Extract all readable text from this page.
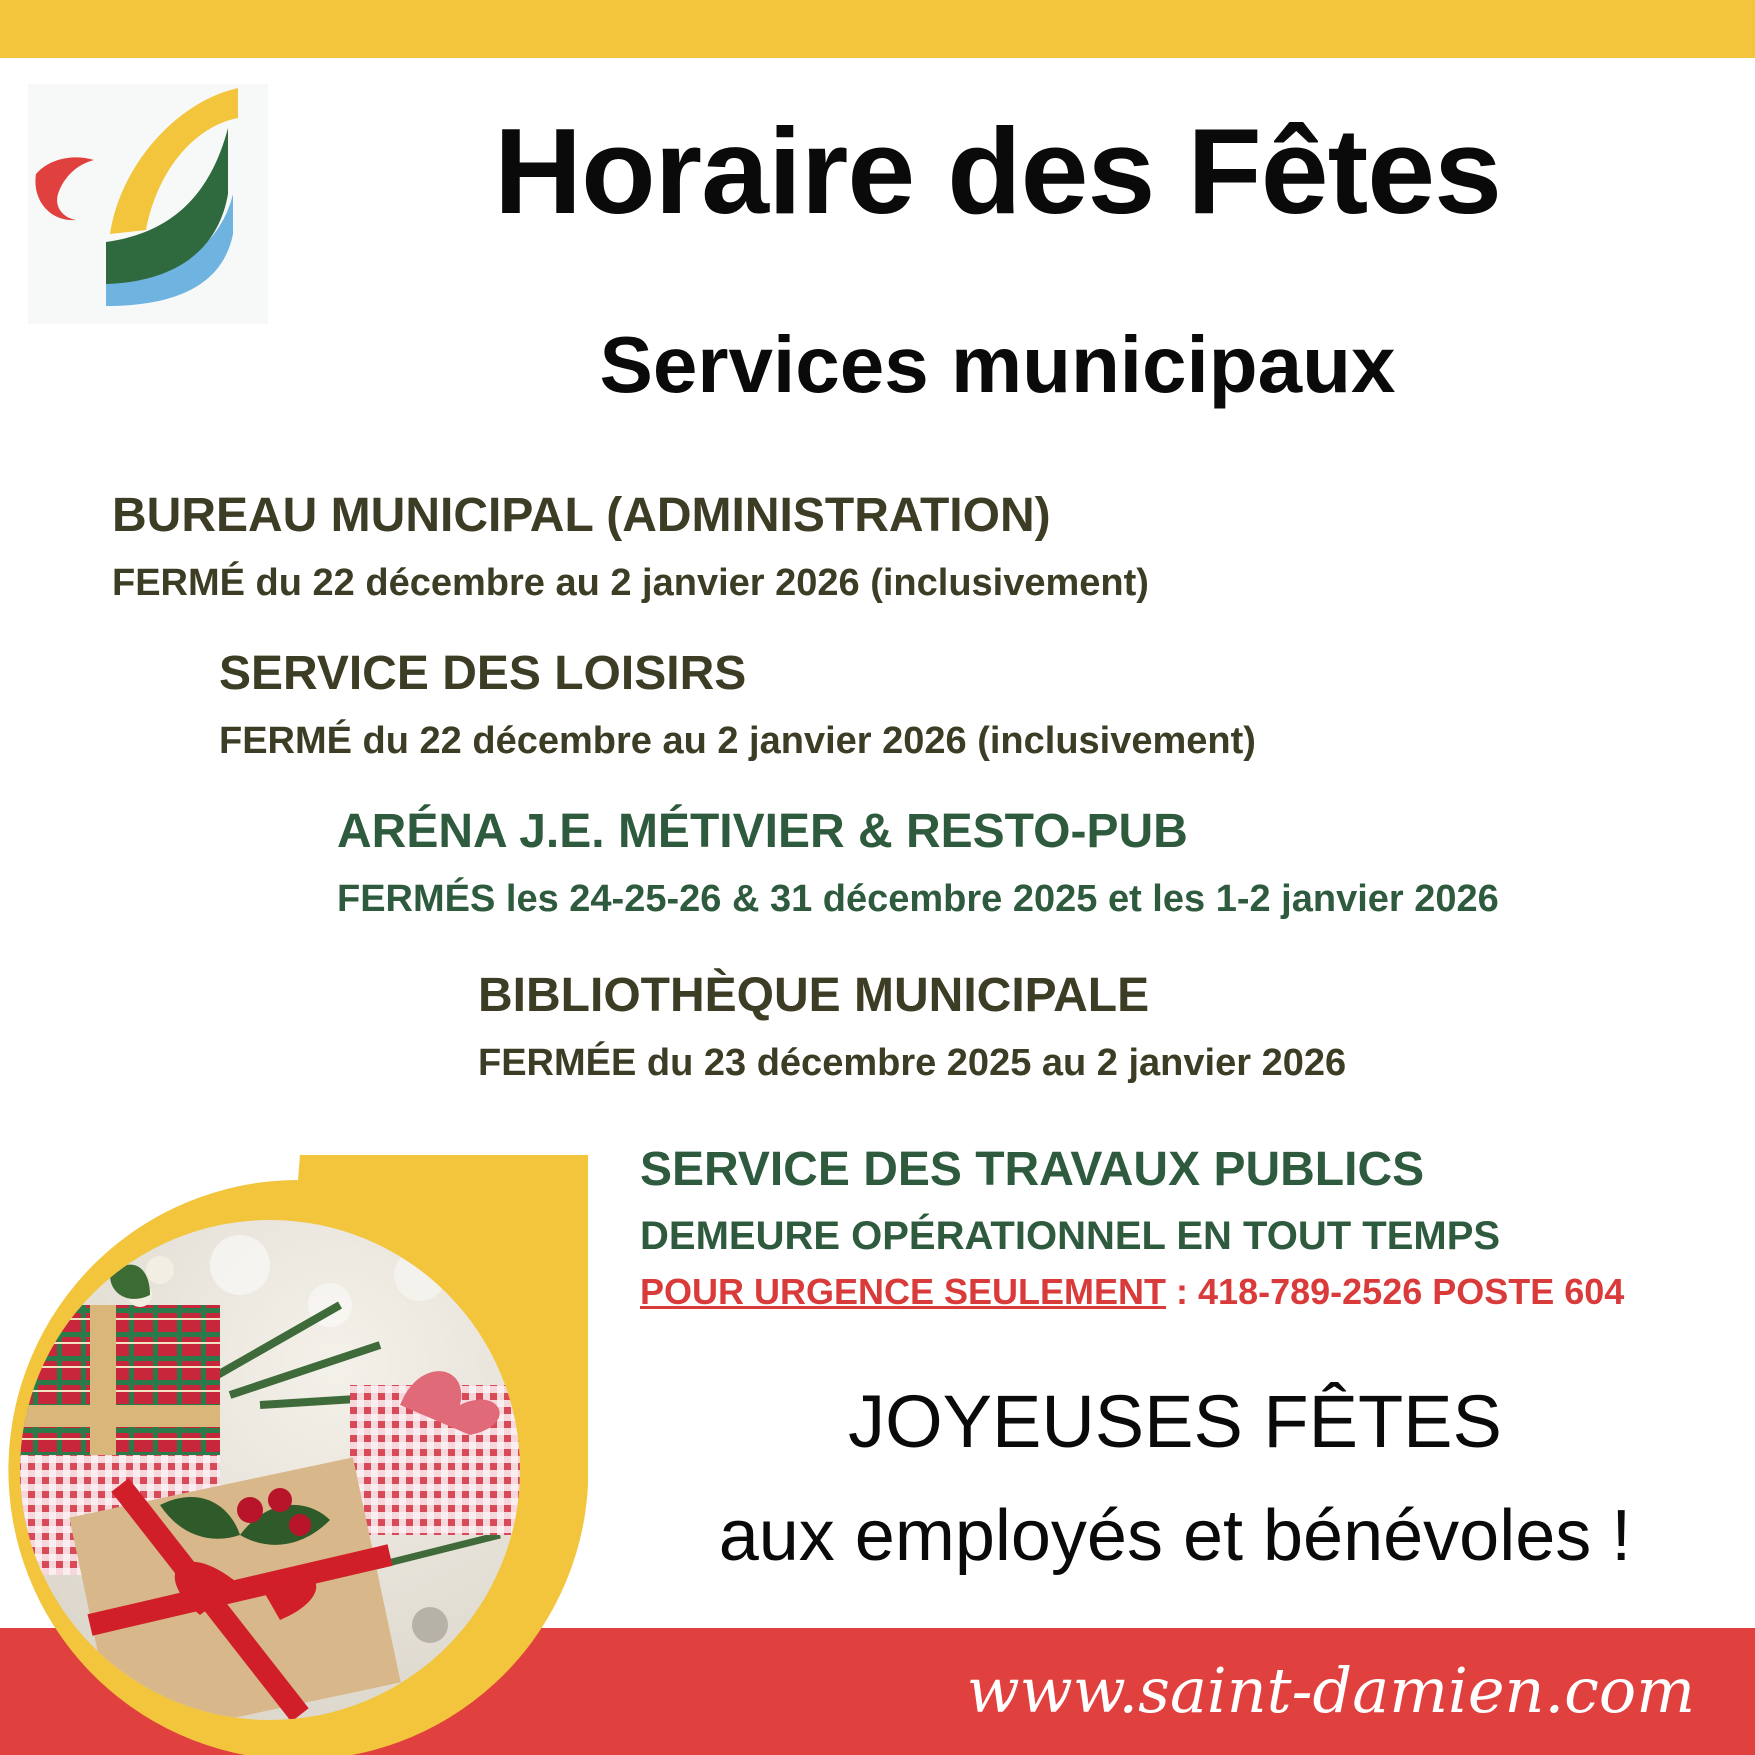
Horaire des Fêtes
Services municipaux
BUREAU MUNICIPAL (ADMINISTRATION)
FERMÉ du 22 décembre au 2 janvier 2026 (inclusivement)
SERVICE DES LOISIRS
FERMÉ du 22 décembre au 2 janvier 2026 (inclusivement)
ARÉNA J.E. MÉTIVIER & RESTO-PUB
FERMÉS les 24-25-26 & 31 décembre 2025 et les 1-2 janvier 2026
BIBLIOTHÈQUE MUNICIPALE
FERMÉE du 23 décembre 2025 au 2 janvier 2026
SERVICE DES TRAVAUX PUBLICS
DEMEURE OPÉRATIONNEL EN TOUT TEMPS
POUR URGENCE SEULEMENT : 418-789-2526 POSTE 604
JOYEUSES FÊTES
aux employés et bénévoles !
www.saint-damien.com
